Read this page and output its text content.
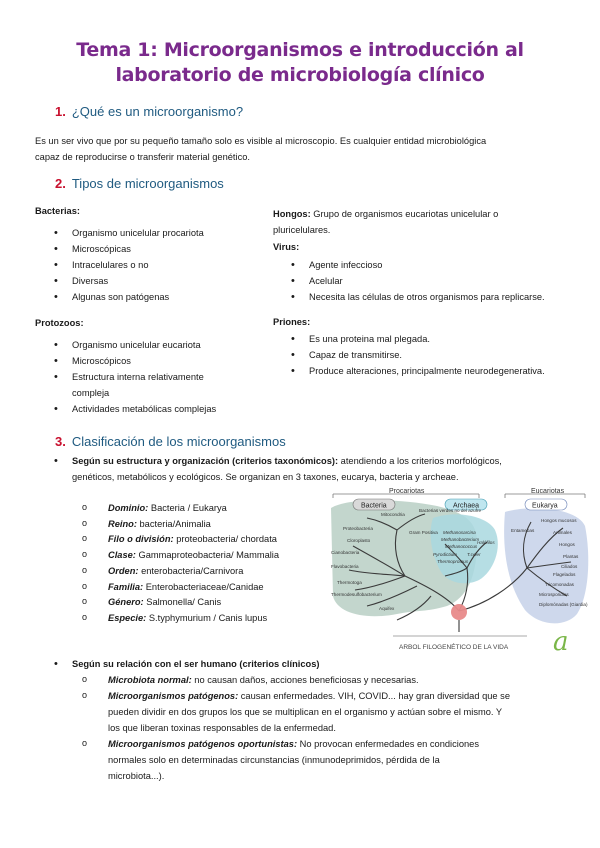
Tema 1: Microorganismos e introducción al
laboratorio de microbiología clínico
1. ¿Qué es un microorganismo?
Es un ser vivo que por su pequeño tamaño solo es visible al microscopio. Es cualquier entidad microbiológica
capaz de reproducirse o transferir material genético.
2. Tipos de microorganismos
Bacterias:
• Organismo unicelular procariota
• Microscópicas
• Intracelulares o no
• Diversas
• Algunas son patógenas
Protozoos:
• Organismo unicelular eucariota
• Microscópicos
• Estructura interna relativamente
• compleja
• Actividades metabólicas complejas
Hongos: Grupo de organismos eucariotas unicelular o
pluricelulares.
Virus:
• Agente infeccioso
• Acelular
• Necesita las células de otros organismos para replicarse.
Priones:
• Es una proteina mal plegada.
• Capaz de transmitirse.
• Produce alteraciones, principalmente neurodegenerativa.
3. Clasificación de los microorganismos
• Según su estructura y organización (criterios taxonómicos): atendiendo a los criterios morfológicos,
genéticos, metabólicos y ecológicos. Se organizan en 3 taxones, eucarya, bacteria y archeae.
o Dominio: Bacteria / Eukarya
o Reino: bacteria/Animalia
o Filo o división: proteobacteria/ chordata
o Clase: Gammaproteobacteria/ Mammalia
o Orden: enterobacteria/Carnivora
o Familia: Enterobacteriaceae/Canidae
o Género: Salmonella/ Canis
o Especie: S.typhymurium / Canis lupus
Procariotas	Eucariotas
Bacteria	Archaea	Eukarya
Mitocondria
Bacterias verdes no del azufre
Proteobacteria
Cloroplasto
Gram Positiva
Cianobacteria
Flavobacteria
Thermotoga
Thermodesulfobacterium
Aquifex
Methanosarcina
Methanobacterium
Methanococcus
Halófilos
Pyrodictium T.celer
Thermoproteus
Hongos mucosos
Entamebas	Animales
Hongos
Plantas
Ciliados
Flagelados
Tricomonadas
Microsporidios
Diplomónadas (Giardia)
ARBOL FILOGENÉTICO DE LA VIDA a
• Según su relación con el ser humano (criterios clínicos)
o Microbiota normal: no causan daños, acciones beneficiosas y necesarias.
o Microorganismos patógenos: causan enfermedades. VIH, COVID... hay gran diversidad que se
pueden dividir en dos grupos los que se multiplican en el organismo y actúan sobre el mismo. Y
los que liberan toxinas responsables de la enfermedad.
o Microorganismos patógenos oportunistas: No provocan enfermedades en condiciones
normales solo en determinadas circunstancias (inmunodeprimidos, pérdida de la
microbiota...).
